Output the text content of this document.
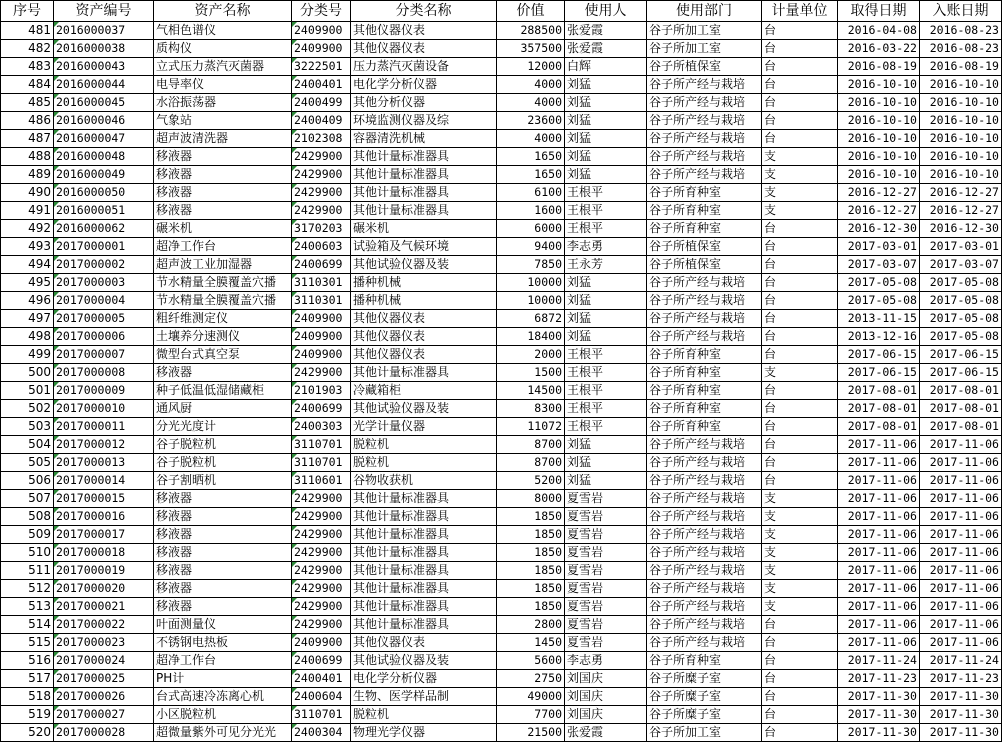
序号	资产编号	资产名称	分类号	分类名称	价值	使用人	使用部门	计量单位	取得日期	入账日期
481	2016000037	气相色谱仪	2409900	其他仪器仪表	288500	张爱霞	谷子所加工室	台	2016-04-08	2016-08-23
482	2016000038	质构仪	2409900	其他仪器仪表	357500	张爱霞	谷子所加工室	台	2016-03-22	2016-08-23
483	2016000043	立式压力蒸汽灭菌器	3222501	压力蒸汽灭菌设备	12000	白辉	谷子所植保室	台	2016-08-19	2016-08-19
484	2016000044	电导率仪	2400401	电化学分析仪器	4000	刘猛	谷子所产经与栽培	台	2016-10-10	2016-10-10
485	2016000045	水浴振荡器	2400499	其他分析仪器	4000	刘猛	谷子所产经与栽培	台	2016-10-10	2016-10-10
486	2016000046	气象站	2400409	环境监测仪器及综	23600	刘猛	谷子所产经与栽培	台	2016-10-10	2016-10-10
487	2016000047	超声波清洗器	2102308	容器清洗机械	4000	刘猛	谷子所产经与栽培	台	2016-10-10	2016-10-10
488	2016000048	移液器	2429900	其他计量标准器具	1650	刘猛	谷子所产经与栽培	支	2016-10-10	2016-10-10
489	2016000049	移液器	2429900	其他计量标准器具	1650	刘猛	谷子所产经与栽培	支	2016-10-10	2016-10-10
490	2016000050	移液器	2429900	其他计量标准器具	6100	王根平	谷子所育种室	支	2016-12-27	2016-12-27
491	2016000051	移液器	2429900	其他计量标准器具	1600	王根平	谷子所育种室	支	2016-12-27	2016-12-27
492	2016000062	碾米机	3170203	碾米机	6000	王根平	谷子所育种室	台	2016-12-30	2016-12-30
493	2017000001	超净工作台	2400603	试验箱及气候环境	9400	李志勇	谷子所植保室	台	2017-03-01	2017-03-01
494	2017000002	超声波工业加湿器	2400699	其他试验仪器及装	7850	王永芳	谷子所植保室	台	2017-03-07	2017-03-07
495	2017000003	节水精量全膜覆盖穴播	3110301	播种机械	10000	刘猛	谷子所产经与栽培	台	2017-05-08	2017-05-08
496	2017000004	节水精量全膜覆盖穴播	3110301	播种机械	10000	刘猛	谷子所产经与栽培	台	2017-05-08	2017-05-08
497	2017000005	粗纤维测定仪	2409900	其他仪器仪表	6872	刘猛	谷子所产经与栽培	台	2013-11-15	2017-05-08
498	2017000006	土壤养分速测仪	2409900	其他仪器仪表	18400	刘猛	谷子所产经与栽培	台	2013-12-16	2017-05-08
499	2017000007	微型台式真空泵	2409900	其他仪器仪表	2000	王根平	谷子所育种室	台	2017-06-15	2017-06-15
500	2017000008	移液器	2429900	其他计量标准器具	1500	王根平	谷子所育种室	支	2017-06-15	2017-06-15
501	2017000009	种子低温低湿储藏柜	2101903	冷藏箱柜	14500	王根平	谷子所育种室	台	2017-08-01	2017-08-01
502	2017000010	通风厨	2400699	其他试验仪器及装	8300	王根平	谷子所育种室	台	2017-08-01	2017-08-01
503	2017000011	分光光度计	2400303	光学计量仪器	11072	王根平	谷子所育种室	台	2017-08-01	2017-08-01
504	2017000012	谷子脱粒机	3110701	脱粒机	8700	刘猛	谷子所产经与栽培	台	2017-11-06	2017-11-06
505	2017000013	谷子脱粒机	3110701	脱粒机	8700	刘猛	谷子所产经与栽培	台	2017-11-06	2017-11-06
506	2017000014	谷子割晒机	3110601	谷物收获机	5200	刘猛	谷子所产经与栽培	台	2017-11-06	2017-11-06
507	2017000015	移液器	2429900	其他计量标准器具	8000	夏雪岩	谷子所产经与栽培	支	2017-11-06	2017-11-06
508	2017000016	移液器	2429900	其他计量标准器具	1850	夏雪岩	谷子所产经与栽培	支	2017-11-06	2017-11-06
509	2017000017	移液器	2429900	其他计量标准器具	1850	夏雪岩	谷子所产经与栽培	支	2017-11-06	2017-11-06
510	2017000018	移液器	2429900	其他计量标准器具	1850	夏雪岩	谷子所产经与栽培	支	2017-11-06	2017-11-06
511	2017000019	移液器	2429900	其他计量标准器具	1850	夏雪岩	谷子所产经与栽培	支	2017-11-06	2017-11-06
512	2017000020	移液器	2429900	其他计量标准器具	1850	夏雪岩	谷子所产经与栽培	支	2017-11-06	2017-11-06
513	2017000021	移液器	2429900	其他计量标准器具	1850	夏雪岩	谷子所产经与栽培	支	2017-11-06	2017-11-06
514	2017000022	叶面测量仪	2429900	其他计量标准器具	2800	夏雪岩	谷子所产经与栽培	台	2017-11-06	2017-11-06
515	2017000023	不锈钢电热板	2409900	其他仪器仪表	1450	夏雪岩	谷子所产经与栽培	台	2017-11-06	2017-11-06
516	2017000024	超净工作台	2400699	其他试验仪器及装	5600	李志勇	谷子所育种室	台	2017-11-24	2017-11-24
517	2017000025	PH计	2400401	电化学分析仪器	2750	刘国庆	谷子所糜子室	台	2017-11-23	2017-11-23
518	2017000026	台式高速冷冻离心机	2400604	生物、医学样品制	49000	刘国庆	谷子所糜子室	台	2017-11-30	2017-11-30
519	2017000027	小区脱粒机	3110701	脱粒机	7700	刘国庆	谷子所糜子室	台	2017-11-30	2017-11-30
520	2017000028	超微量紫外可见分光光	2400304	物理光学仪器	21500	张爱霞	谷子所加工室	台	2017-11-30	2017-11-30
